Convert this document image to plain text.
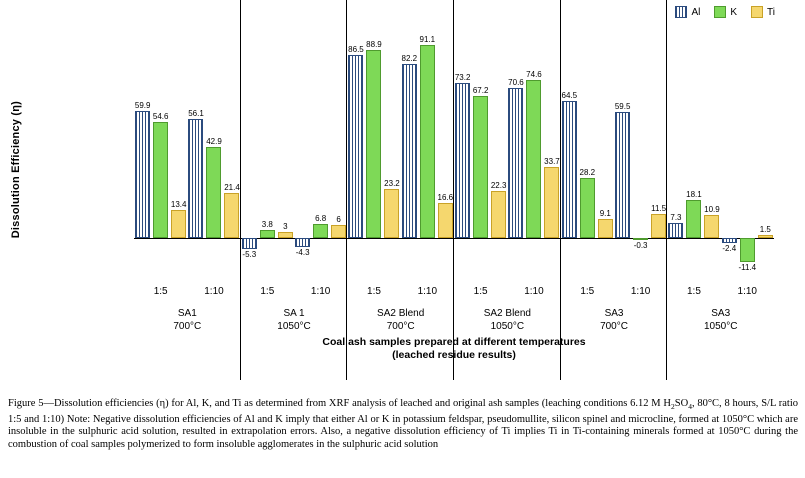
Al	K	Ti
Dissolution Efficiency (η)	59.9
54.6
13.4
56.1
42.9
21.4
-5.3
3.8 3
-4.3
6.8 6
86.5
88.9
23.2
82.2
91.1
16.6
73.2
67.2
22.3
70.6
74.6
33.7
64.5
28.2
9.1
59.5
-0.3
11.5
7.3
18.1
10.9
-2.4
-11.4
1.5
1:5	1:10	1:5	1:10	1:5	1:10	1:5	1:10	1:5	1:10	1:5	1:10
SA1
700°C
SA 1
1050°C
SA2 Blend
700°C
SA2 Blend
1050°C
SA3
700°C
SA3
1050°C
Coal ash samples prepared at different temperatures
(leached residue results)
Figure 5—Dissolution efficiencies (η) for Al, K, and Ti as determined from XRF analysis of leached and original ash samples (leaching conditions 6.12 M $H_2SO_4$, 80°C, 8 hours, S/L ratio 1:5 and 1:10) Note: Negative dissolution efficiencies of Al and K imply that either Al or K in potassium feldspar, pseudomullite, silicon spinel and microcline, formed at 1050°C which are insoluble in the sulphuric acid solution, resulted in extrapolation errors. Also, a negative dissolution efficiency of Ti implies Ti in Ti-containing minerals formed at 1050°C during the combustion of coal samples polymerized to form insoluble agglomerates in the sulphuric acid solution
